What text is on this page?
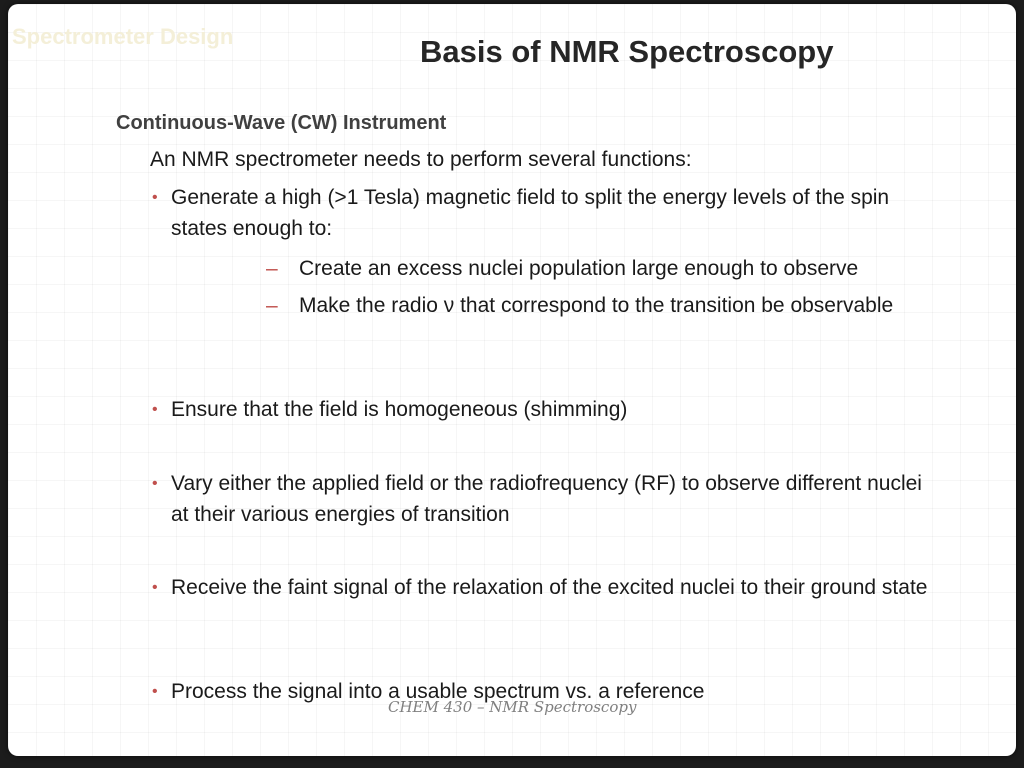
Spectrometer Design	Basis of NMR Spectroscopy
Continuous-Wave (CW) Instrument
An NMR spectrometer needs to perform several functions:
• Generate a high (>1 Tesla) magnetic field to split the energy levels of the spin states enough to:
– Create an excess nuclei population large enough to observe
– Make the radio ν that correspond to the transition be observable
• Ensure that the field is homogeneous (shimming)
• Vary either the applied field or the radiofrequency (RF) to observe different nuclei at their various energies of transition
• Receive the faint signal of the relaxation of the excited nuclei to their ground state
• Process the signal into a usable spectrum vs. a reference
CHEM 430 – NMR Spectroscopy
